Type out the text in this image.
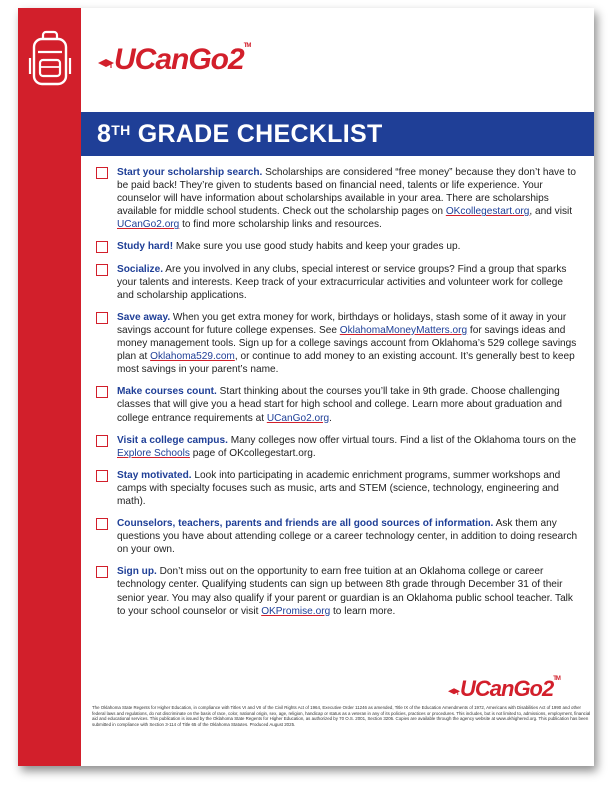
UCanGo2™
8TH GRADE CHECKLIST
Start your scholarship search. Scholarships are considered “free money” because they don’t have to be paid back! They’re given to students based on financial need, talents or life experience. Your counselor will have information about scholarships available in your area. There are scholarships available for middle school students. Check out the scholarship pages on OKcollegestart.org, and visit UCanGo2.org to find more scholarship links and resources.
Study hard! Make sure you use good study habits and keep your grades up.
Socialize. Are you involved in any clubs, special interest or service groups? Find a group that sparks your talents and interests. Keep track of your extracurricular activities and volunteer work for college and scholarship applications.
Save away. When you get extra money for work, birthdays or holidays, stash some of it away in your savings account for future college expenses. See OklahomaMoneyMatters.org for savings ideas and money management tools. Sign up for a college savings account from Oklahoma’s 529 college savings plan at Oklahoma529.com, or continue to add money to an existing account. It’s generally best to keep most savings in your parent’s name.
Make courses count. Start thinking about the courses you’ll take in 9th grade. Choose challenging classes that will give you a head start for high school and college. Learn more about graduation and college entrance requirements at UCanGo2.org.
Visit a college campus. Many colleges now offer virtual tours. Find a list of the Oklahoma tours on the Explore Schools page of OKcollegestart.org.
Stay motivated. Look into participating in academic enrichment programs, summer workshops and camps with specialty focuses such as music, arts and STEM (science, technology, engineering and math).
Counselors, teachers, parents and friends are all good sources of information. Ask them any questions you have about attending college or a career technology center, in addition to doing research on your own.
Sign up. Don’t miss out on the opportunity to earn free tuition at an Oklahoma college or career technology center. Qualifying students can sign up between 8th grade through December 31 of their senior year. You may also qualify if your parent or guardian is an Oklahoma public school teacher. Talk to your school counselor or visit OKPromise.org to learn more.
UCanGo2™
The Oklahoma State Regents for Higher Education, in compliance with Titles VI and VII of the Civil Rights Act of 1964, Executive Order 11246 as amended, Title IX of the Education Amendments of 1972, Americans with Disabilities Act of 1990 and other federal laws and regulations, do not discriminate on the basis of race, color, national origin, sex, age, religion, handicap or status as a veteran in any of its policies, practices or procedures. This includes, but is not limited to, admissions, employment, financial aid and educational services. This publication is issued by the Oklahoma State Regents for Higher Education, as authorized by 70 O.S. 2001, Section 3206. Copies are available through the agency website at www.okhighered.org. This publication has been submitted in compliance with Section 3-114 of Title 65 of the Oklahoma Statutes. Produced August 2025.
